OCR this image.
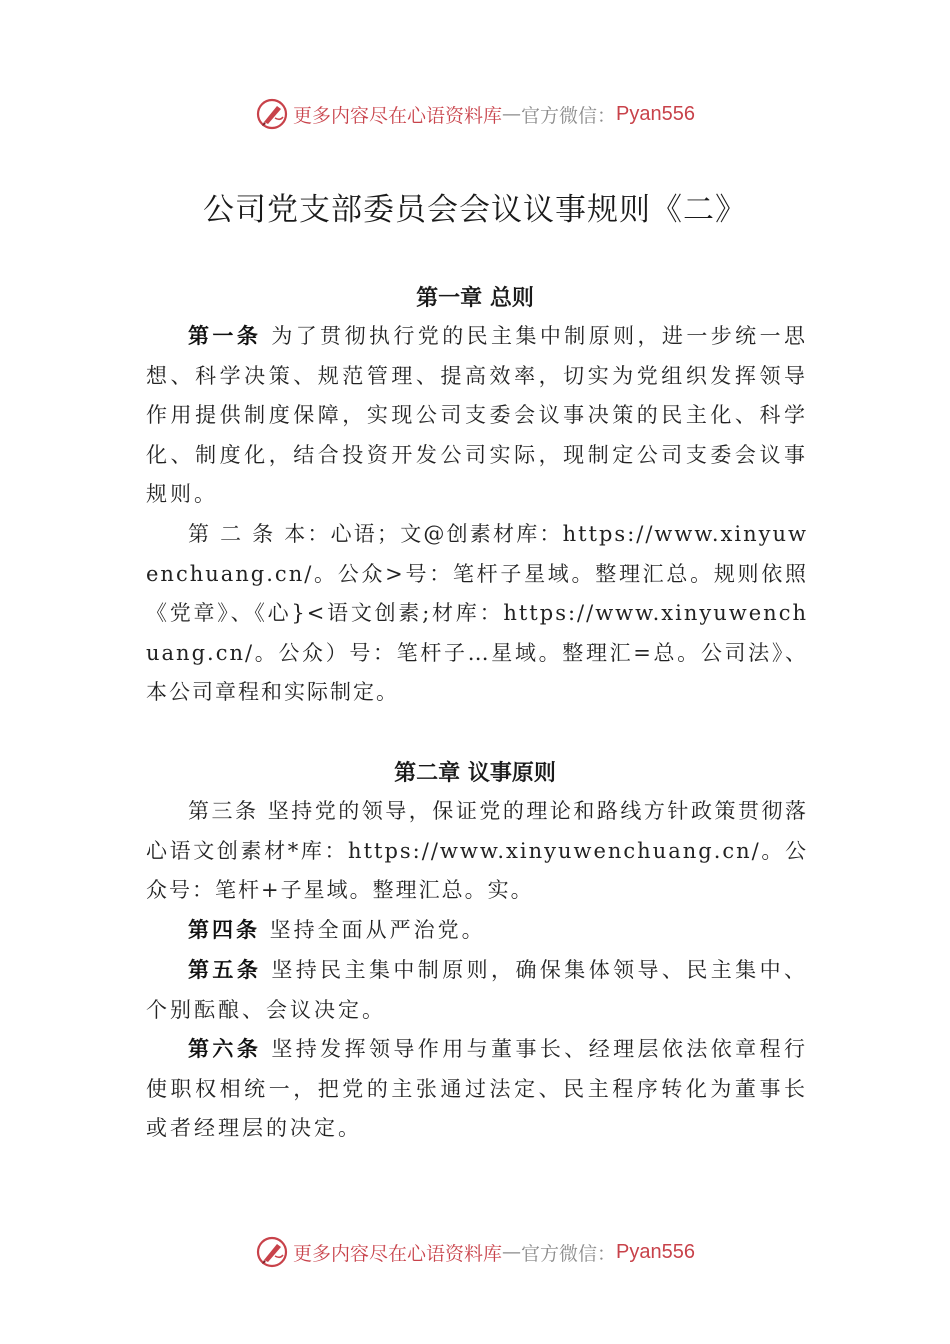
更多内容尽在心语资料库 — 官方微信： Pyan556
公司党支部委员会会议议事规则《二》
第一章 总则

第一条 为了贯彻执行党的民主集中制原则，进一步统一思想、科学决策、规范管理、提高效率，切实为党组织发挥领导作用提供制度保障，实现公司支委会议事决策的民主化、科学化、制度化，结合投资开发公司实际，现制定公司支委会议事规则。

第 二 条 本：心语；文@创素材库：https://www.xinyuwenchuang.cn/。公众>号：笔杆子星域。整理汇总。规则依照《党章》、《心}<语文创素;材库：https://www.xinyuwenchuang.cn/。公众）号：笔杆子…星域。整理汇=总。公司法》、本公司章程和实际制定。

第二章 议事原则

第三条 坚持党的领导，保证党的理论和路线方针政策贯彻落心语文创素材*库：https://www.xinyuwenchuang.cn/。公众号：笔杆+子星域。整理汇总。实。

第四条 坚持全面从严治党。

第五条 坚持民主集中制原则，确保集体领导、民主集中、个别酝酿、会议决定。

第六条 坚持发挥领导作用与董事长、经理层依法依章程行使职权相统一，把党的主张通过法定、民主程序转化为董事长或者经理层的决定。

更多内容尽在心语资料库 — 官方微信： Pyan556
